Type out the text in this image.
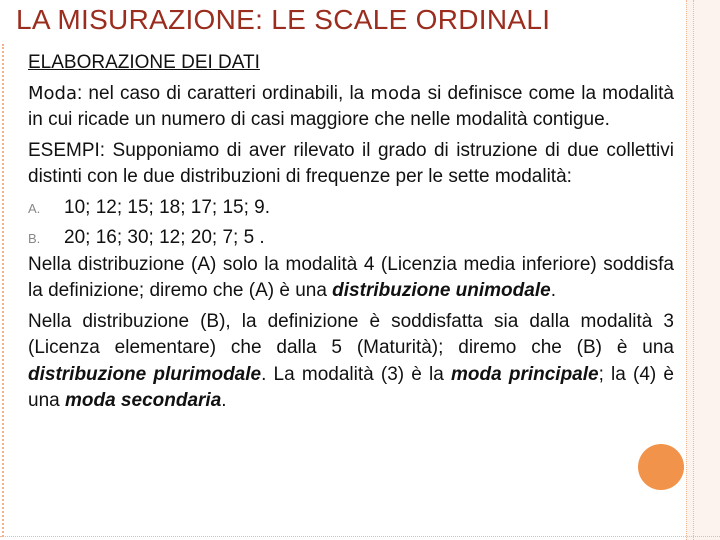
LA MISURAZIONE: LE SCALE ORDINALI

ELABORAZIONE DEI DATI

Moda: nel caso di caratteri ordinabili, la moda si definisce come la modalità in cui ricade un numero di casi maggiore che nelle modalità contigue.

ESEMPI: Supponiamo di aver rilevato il grado di istruzione di due collettivi distinti con le due distribuzioni di frequenze per le sette modalità:

A. 10; 12; 15; 18; 17; 15; 9.
B. 20; 16; 30; 12; 20; 7; 5 .

Nella distribuzione (A) solo la modalità 4 (Licenzia media inferiore) soddisfa la definizione; diremo che (A) è una distribuzione unimodale.

Nella distribuzione (B), la definizione è soddisfatta sia dalla modalità 3 (Licenza elementare) che dalla 5 (Maturità); diremo che (B) è una distribuzione plurimodale. La modalità (3) è la moda principale; la (4) è una moda secondaria.
